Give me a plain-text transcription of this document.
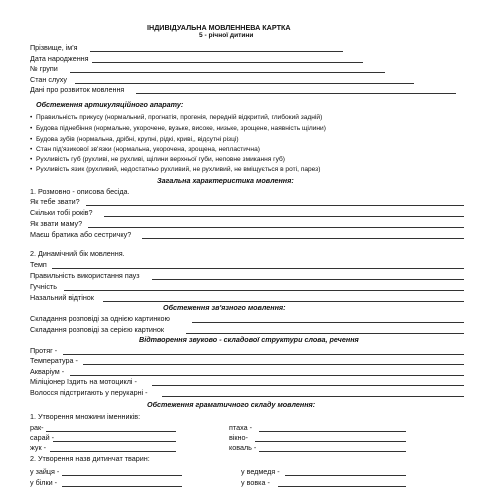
ІНДИВІДУАЛЬНА МОВЛЕННЕВА КАРТКА
5 - річної дитини
Прізвище, ім'я
Дата народження
№ групи
Стан слуху
Дані про розвиток мовлення
Обстеження артикуляційного апарату:
• Правильність прикусу (нормальний, прогнатія, прогенія, передній відкритий, глибокий задній)
• Будова піднебіння (нормальне, укорочене, вузьке, високе, низьке, зрощене, наявність щілини)
• Будова зубів (нормальна, дрібні, крупні, рідкі, криві,, відсутні різці)
• Стан під'язикової зв'язки (нормальна, укорочена, зрощена, непластична)
• Рухливість губ (рухливі, не рухливі, щілини верхньої губи, неповне змикання губ)
• Рухливість язик (рухливий, недостатньо рухливий, не рухливий, не вміщується в роті, парез)
Загальна характеристика мовлення:
1. Розмовно - описова бесіда.
Як тебе звати?
Скільки тобі років?
Як звати маму?
Маєш братика або сестричку?
2. Динамічний бік мовлення.
Темп
Правильність використання пауз
Гучність
Назальний відтінок
Обстеження зв'язного мовлення:
Складання розповіді за однією картинкою
Складання розповіді за серією картинок
Відтворення звуково - складової структури слова, речення
Протяг -
Температура -
Акваріум -
Міліціонер їздить на мотоциклі -
Волосся підстригають у перукарні -
Обстеження граматичного складу мовлення:
1. Утворення множини іменників:
рак-
сарай -
жук -
птаха -
вікно-
коваль -
2. Утворення назв дитинчат тварин:
у зайця -
у білки -
у ведмедя -
у вовка -
